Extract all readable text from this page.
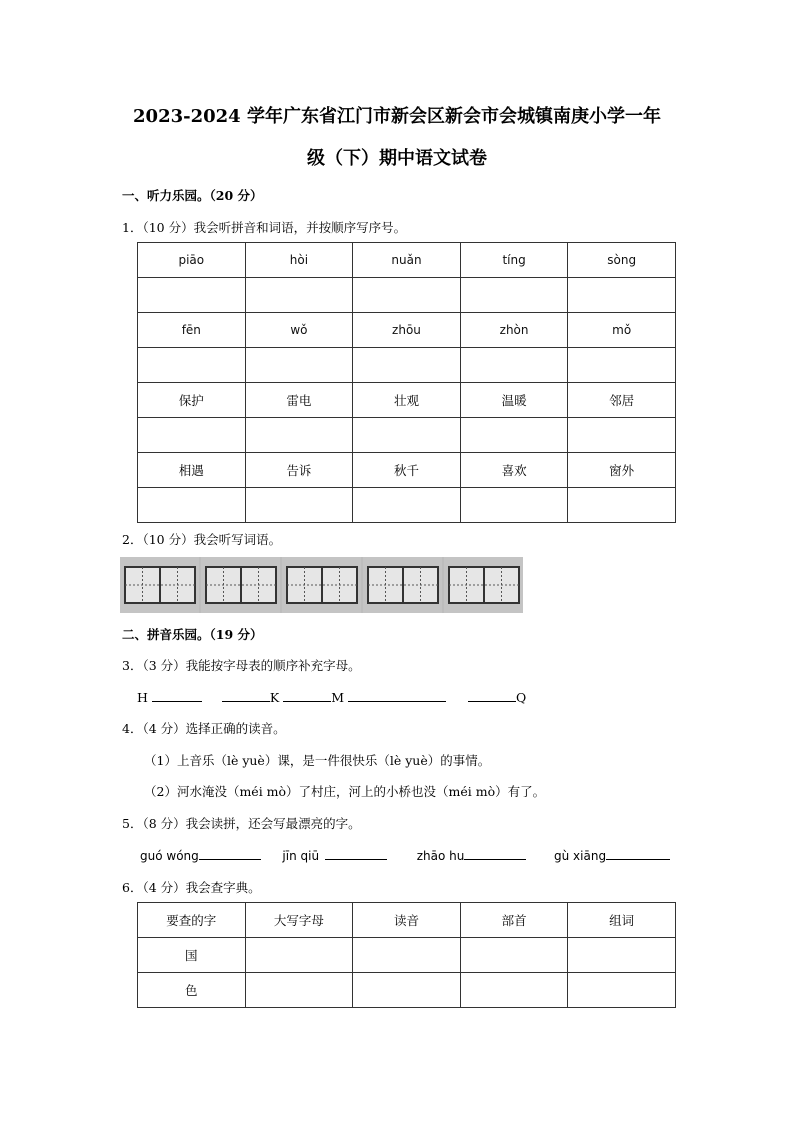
2023-2024 学年广东省江门市新会区新会市会城镇南庚小学一年
级（下）期中语文试卷
一、听力乐园。（20 分）
1．（10 分）我会听拼音和词语，并按顺序写序号。
piāo	hòi	nuǎn	tíng	sòng

fēn	wǒ	zhōu	zhòn	mǒ

保护	雷电	壮观	温暖	邻居

相遇	告诉	秋千	喜欢	窗外

2．（10 分）我会听写词语。
二、拼音乐园。（19 分）
3．（3 分）我能按字母表的顺序补充字母。
H	K	M	Q
4．（4 分）选择正确的读音。
（1）上音乐（lè yuè）课，是一件很快乐（lè yuè）的事情。
（2）河水淹没（méi mò）了村庄，河上的小桥也没（méi mò）有了。
5．（8 分）我会读拼，还会写最漂亮的字。
guó wóng	jīn qiū	zhāo hu	gù xiāng
6．（4 分）我会查字典。
要查的字	大写字母	读音	部首	组词
国				
色				
